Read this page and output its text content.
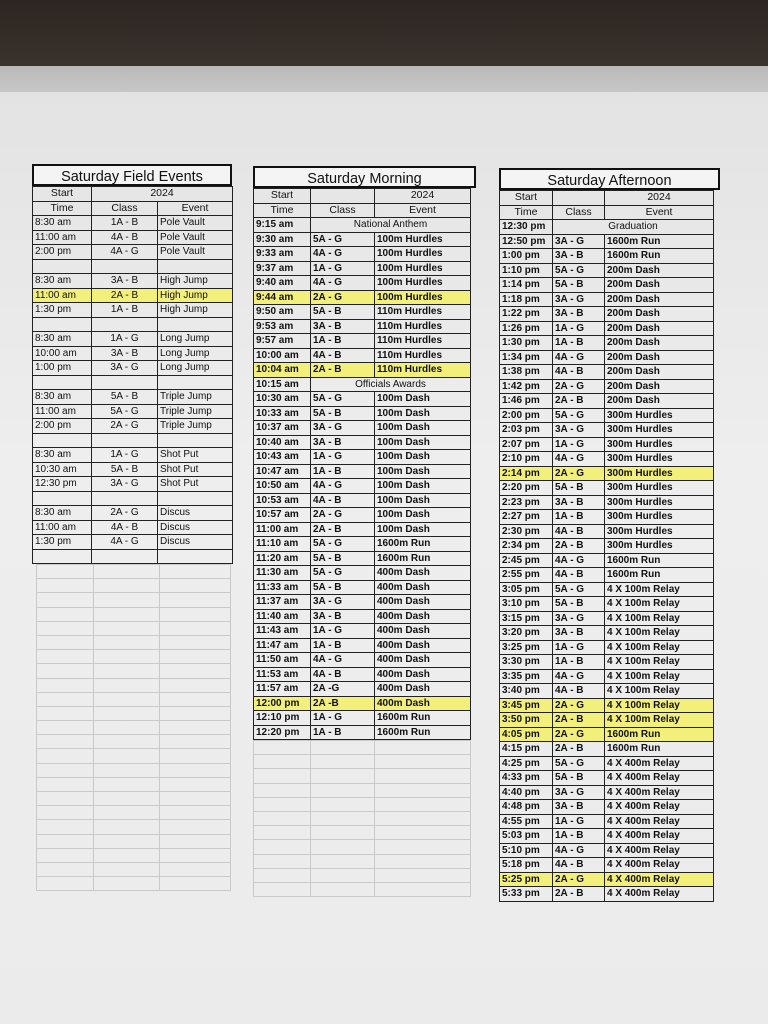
Saturday Field Events
Start	2024	
Time	Class	Event
8:30 am	1A - B	Pole Vault
11:00 am	4A - B	Pole Vault
2:00 pm	4A - G	Pole Vault

8:30 am	3A - B	High Jump
11:00 am	2A - B	High Jump
1:30 pm	1A - B	High Jump

8:30 am	1A - G	Long Jump
10:00 am	3A - B	Long Jump
1:00 pm	3A - G	Long Jump

8:30 am	5A - B	Triple Jump
11:00 am	5A - G	Triple Jump
2:00 pm	2A - G	Triple Jump

8:30 am	1A - G	Shot Put
10:30 am	5A - B	Shot Put
12:30 pm	3A - G	Shot Put

8:30 am	2A - G	Discus
11:00 am	4A - B	Discus
1:30 pm	4A - G	Discus

Saturday Morning
Start		2024
Time	Class	Event
9:15 am	National Anthem	
9:30 am	5A - G	100m Hurdles
9:33 am	4A - G	100m Hurdles
9:37 am	1A - G	100m Hurdles
9:40 am	4A - G	100m Hurdles
9:44 am	2A - G	100m Hurdles
9:50 am	5A - B	110m Hurdles
9:53 am	3A - B	110m Hurdles
9:57 am	1A - B	110m Hurdles
10:00 am	4A - B	110m Hurdles
10:04 am	2A - B	110m Hurdles
10:15 am	Officials Awards	
10:30 am	5A - G	100m Dash
10:33 am	5A - B	100m Dash
10:37 am	3A - G	100m Dash
10:40 am	3A - B	100m Dash
10:43 am	1A - G	100m Dash
10:47 am	1A - B	100m Dash
10:50 am	4A - G	100m Dash
10:53 am	4A - B	100m Dash
10:57 am	2A - G	100m Dash
11:00 am	2A - B	100m Dash
11:10 am	5A - G	1600m Run
11:20 am	5A - B	1600m Run
11:30 am	5A - G	400m Dash
11:33 am	5A - B	400m Dash
11:37 am	3A - G	400m Dash
11:40 am	3A - B	400m Dash
11:43 am	1A - G	400m Dash
11:47 am	1A - B	400m Dash
11:50 am	4A - G	400m Dash
11:53 am	4A - B	400m Dash
11:57 am	2A -G	400m Dash
12:00 pm	2A -B	400m Dash
12:10 pm	1A - G	1600m Run
12:20 pm	1A - B	1600m Run

Saturday Afternoon
Start		2024
Time	Class	Event
12:30 pm	Graduation	
12:50 pm	3A - G	1600m Run
1:00 pm	3A - B	1600m Run
1:10 pm	5A - G	200m Dash
1:14 pm	5A - B	200m Dash
1:18 pm	3A - G	200m Dash
1:22 pm	3A - B	200m Dash
1:26 pm	1A - G	200m Dash
1:30 pm	1A - B	200m Dash
1:34 pm	4A - G	200m Dash
1:38 pm	4A - B	200m Dash
1:42 pm	2A - G	200m Dash
1:46 pm	2A - B	200m Dash
2:00 pm	5A - G	300m Hurdles
2:03 pm	3A - G	300m Hurdles
2:07 pm	1A - G	300m Hurdles
2:10 pm	4A - G	300m Hurdles
2:14 pm	2A - G	300m Hurdles
2:20 pm	5A - B	300m Hurdles
2:23 pm	3A - B	300m Hurdles
2:27 pm	1A - B	300m Hurdles
2:30 pm	4A - B	300m Hurdles
2:34 pm	2A - B	300m Hurdles
2:45 pm	4A - G	1600m Run
2:55 pm	4A - B	1600m Run
3:05 pm	5A - G	4 X 100m Relay
3:10 pm	5A - B	4 X 100m Relay
3:15 pm	3A - G	4 X 100m Relay
3:20 pm	3A - B	4 X 100m Relay
3:25 pm	1A - G	4 X 100m Relay
3:30 pm	1A - B	4 X 100m Relay
3:35 pm	4A - G	4 X 100m Relay
3:40 pm	4A - B	4 X 100m Relay
3:45 pm	2A - G	4 X 100m Relay
3:50 pm	2A - B	4 X 100m Relay
4:05 pm	2A - G	1600m Run
4:15 pm	2A - B	1600m Run
4:25 pm	5A - G	4 X 400m Relay
4:33 pm	5A - B	4 X 400m Relay
4:40 pm	3A - G	4 X 400m Relay
4:48 pm	3A - B	4 X 400m Relay
4:55 pm	1A - G	4 X 400m Relay
5:03 pm	1A - B	4 X 400m Relay
5:10 pm	4A - G	4 X 400m Relay
5:18 pm	4A - B	4 X 400m Relay
5:25 pm	2A - G	4 X 400m Relay
5:33 pm	2A - B	4 X 400m Relay
